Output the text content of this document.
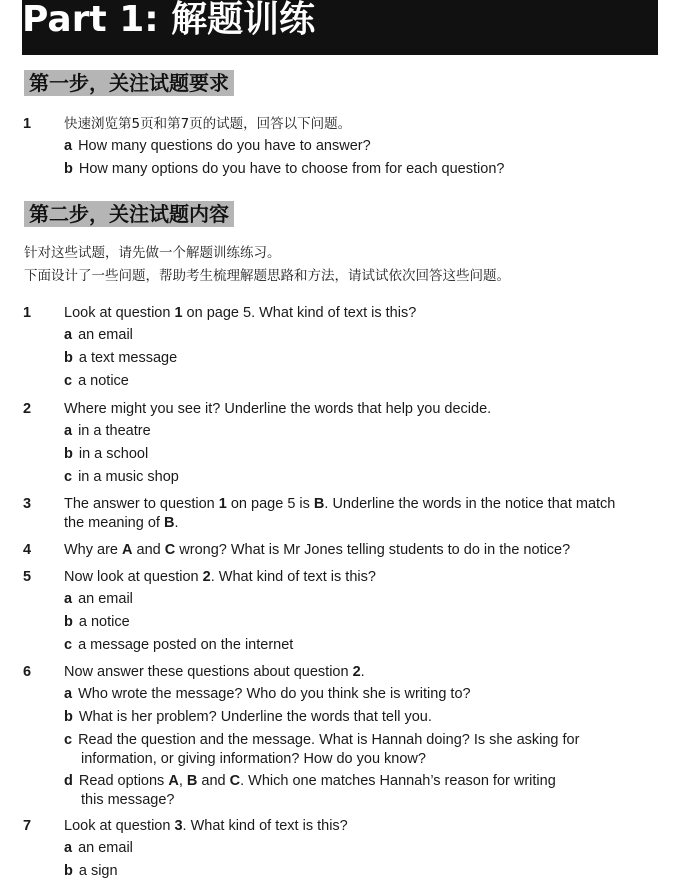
Part 1: 解题训练
第一步，关注试题要求
1 快速浏览第5页和第7页的试题，回答以下问题。
a How many questions do you have to answer?
b How many options do you have to choose from for each question?
第二步，关注试题内容
针对这些试题，请先做一个解题训练练习。
下面设计了一些问题，帮助考生梳理解题思路和方法，请试试依次回答这些问题。
1 Look at question 1 on page 5. What kind of text is this?
a an email
b a text message
c a notice
2 Where might you see it? Underline the words that help you decide.
a in a theatre
b in a school
c in a music shop
3 The answer to question 1 on page 5 is B. Underline the words in the notice that match
the meaning of B.
4 Why are A and C wrong? What is Mr Jones telling students to do in the notice?
5 Now look at question 2. What kind of text is this?
a an email
b a notice
c a message posted on the internet
6 Now answer these questions about question 2.
a Who wrote the message? Who do you think she is writing to?
b What is her problem? Underline the words that tell you.
c Read the question and the message. What is Hannah doing? Is she asking for
information, or giving information? How do you know?
d Read options A, B and C. Which one matches Hannah’s reason for writing
this message?
7 Look at question 3. What kind of text is this?
a an email
b a sign
